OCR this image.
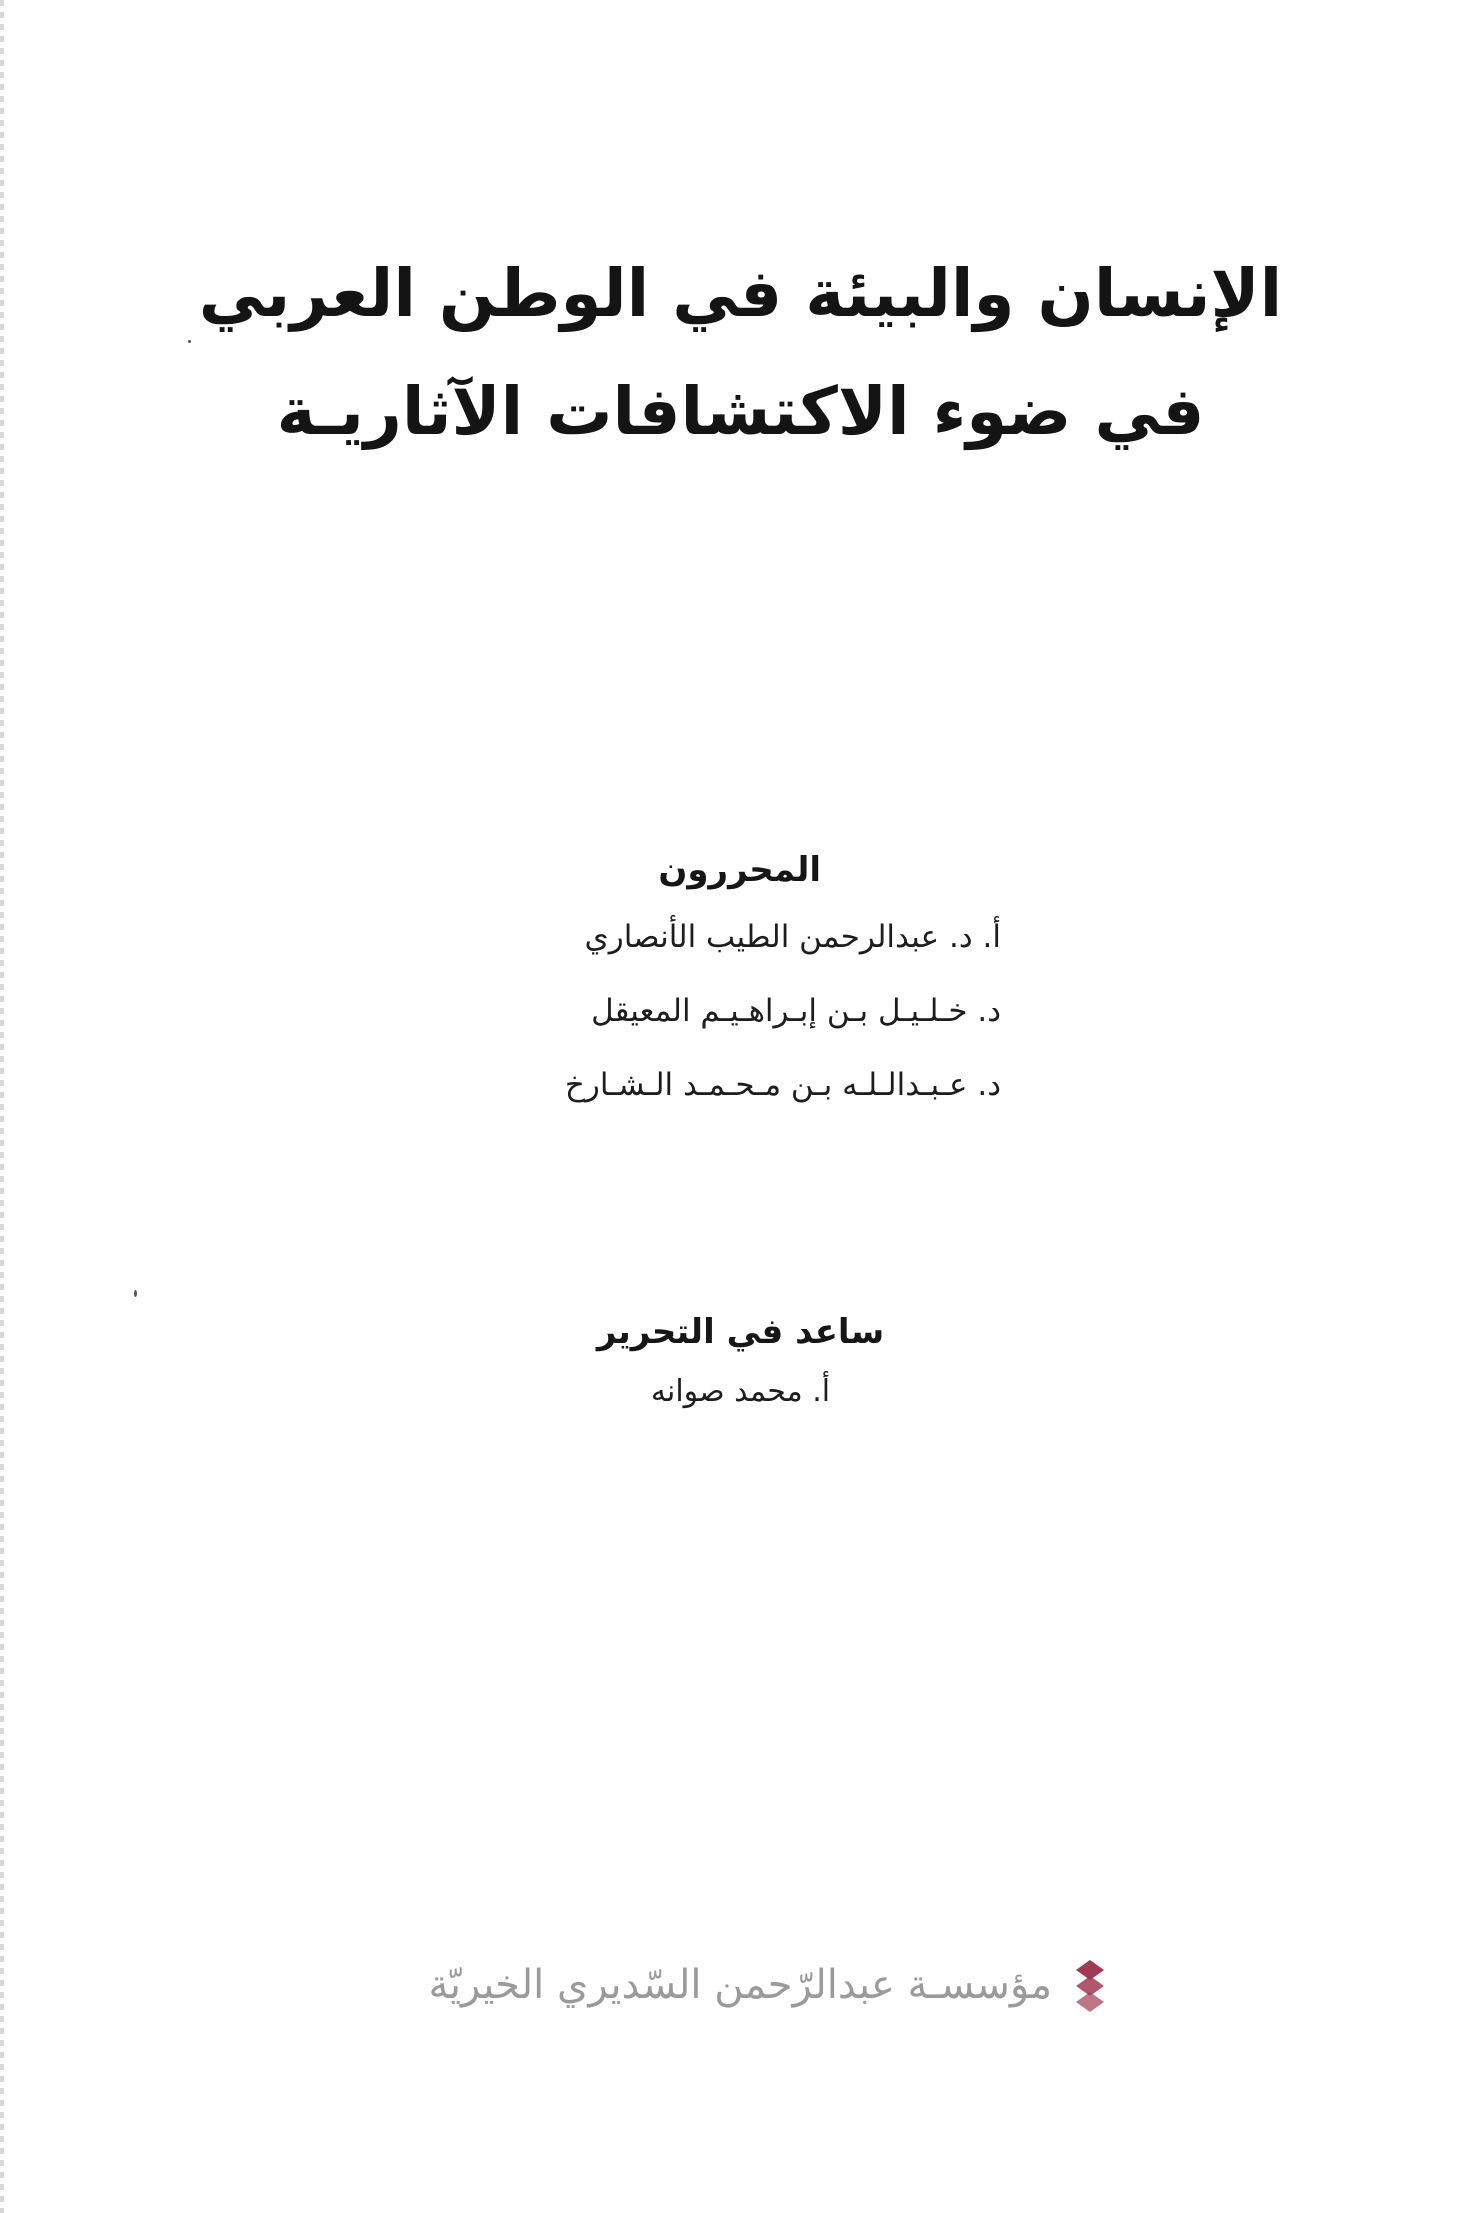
الإنسان والبيئة في الوطن العربي
في ضوء الاكتشافات الآثاريـة
المحررون
أ. د. عبدالرحمن الطيب الأنصاري
د. خـلـيـل بـن إبـراهـيـم المعيقل
د. عـبـدالـلـه بـن مـحـمـد الـشـارخ
ساعد في التحرير
أ. محمد صوانه
مؤسسـة عبدالرّحمن السّديري الخيريّة
